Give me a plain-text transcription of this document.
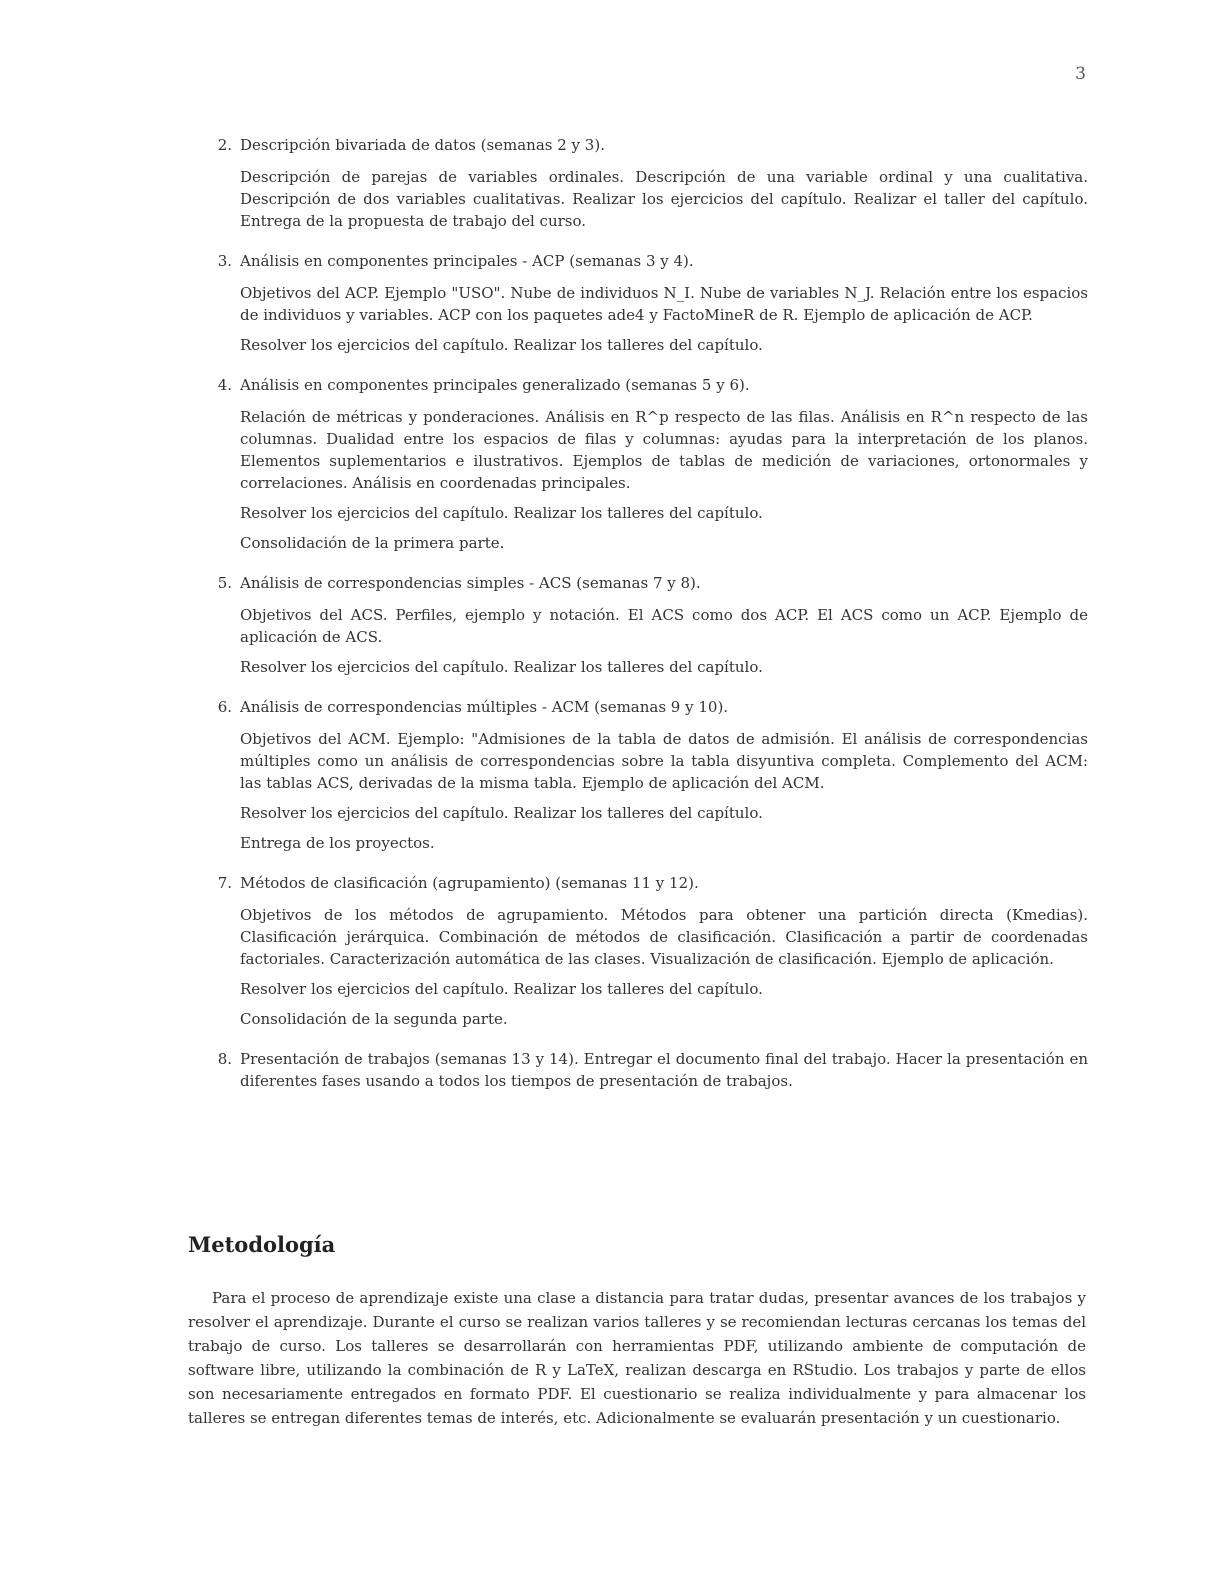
3
2. Descripción bivariada de datos (semanas 2 y 3).

Descripción de parejas de variables ordinales. Descripción de una variable ordinal y una cualitativa. Descripción de dos variables cualitativas. Realizar los ejercicios del capítulo. Realizar el taller del capítulo. Entrega de la propuesta de trabajo del curso.

3. Análisis en componentes principales - ACP (semanas 3 y 4).

Objetivos del ACP. Ejemplo "USO". Nube de individuos N_I. Nube de variables N_J. Relación entre los espacios de individuos y variables. ACP con los paquetes ade4 y FactoMineR de R. Ejemplo de aplicación de ACP.

Resolver los ejercicios del capítulo. Realizar los talleres del capítulo.

4. Análisis en componentes principales generalizado (semanas 5 y 6).

Relación de métricas y ponderaciones. Análisis en R^p respecto de las filas. Análisis en R^n respecto de las columnas. Dualidad entre los espacios de filas y columnas: ayudas para la interpretación de los planos. Elementos suplementarios e ilustrativos. Ejemplos de tablas de medición de variaciones, ortonormales y correlaciones. Análisis en coordenadas principales.

Resolver los ejercicios del capítulo. Realizar los talleres del capítulo.

Consolidación de la primera parte.

5. Análisis de correspondencias simples - ACS (semanas 7 y 8).

Objetivos del ACS. Perfiles, ejemplo y notación. El ACS como dos ACP. El ACS como un ACP. Ejemplo de aplicación de ACS.

Resolver los ejercicios del capítulo. Realizar los talleres del capítulo.

6. Análisis de correspondencias múltiples - ACM (semanas 9 y 10).

Objetivos del ACM. Ejemplo: "Admisiones de la tabla de datos de admisión. El análisis de correspondencias múltiples como un análisis de correspondencias sobre la tabla disyuntiva completa. Complemento del ACM: las tablas ACS, derivadas de la misma tabla. Ejemplo de aplicación del ACM.

Resolver los ejercicios del capítulo. Realizar los talleres del capítulo.

Entrega de los proyectos.

7. Métodos de clasificación (agrupamiento) (semanas 11 y 12).

Objetivos de los métodos de agrupamiento. Métodos para obtener una partición directa (Kmedias). Clasificación jerárquica. Combinación de métodos de clasificación. Clasificación a partir de coordenadas factoriales. Caracterización automática de las clases. Visualización de clasificación. Ejemplo de aplicación.

Resolver los ejercicios del capítulo. Realizar los talleres del capítulo.

Consolidación de la segunda parte.

8. Presentación de trabajos (semanas 13 y 14). Entregar el documento final del trabajo. Hacer la presentación en diferentes fases usando a todos los tiempos de presentación de trabajos.

Metodología

Para el proceso de aprendizaje existe una clase a distancia para tratar dudas, presentar avances de los trabajos y resolver el aprendizaje. Durante el curso se realizan varios talleres y se recomiendan lecturas cercanas los temas del trabajo de curso. Los talleres se desarrollarán con herramientas PDF, utilizando ambiente de computación de software libre, utilizando la combinación de R y LaTeX, realizan descarga en RStudio. Los trabajos y parte de ellos son necesariamente entregados en formato PDF. El cuestionario se realiza individualmente y para almacenar los talleres se entregan diferentes temas de interés, etc. Adicionalmente se evaluarán presentación y un cuestionario.
